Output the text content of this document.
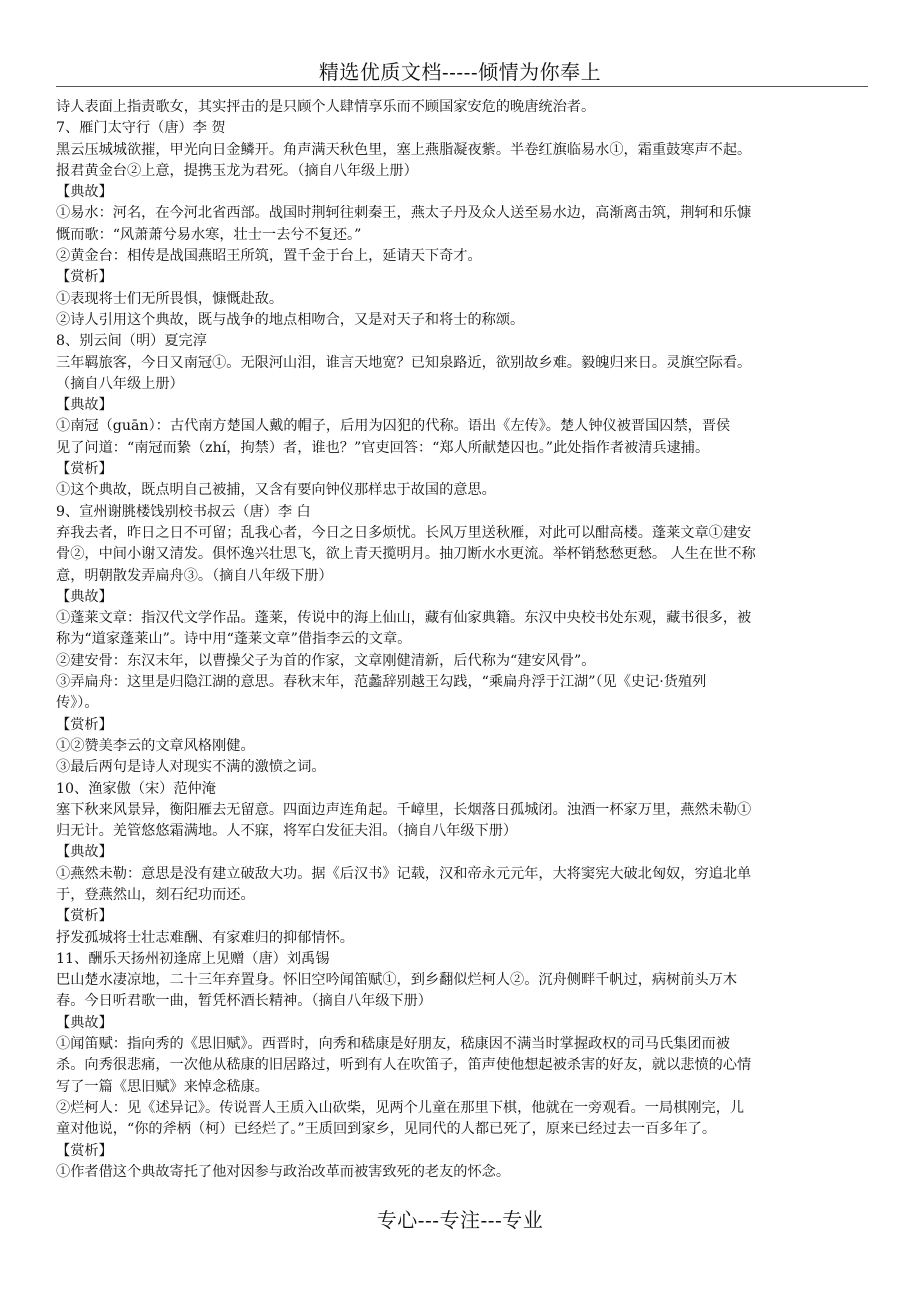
精选优质文档-----倾情为你奉上
诗人表面上指责歌女，其实抨击的是只顾个人肆情享乐而不顾国家安危的晚唐统治者。
7、雁门太守行（唐）李 贺
黑云压城城欲摧，甲光向日金鳞开。角声满天秋色里，塞上燕脂凝夜紫。半卷红旗临易水①，霜重鼓寒声不起。
报君黄金台②上意，提携玉龙为君死。（摘自八年级上册）
【典故】
①易水：河名，在今河北省西部。战国时荆轲往刺秦王，燕太子丹及众人送至易水边，高渐离击筑，荆轲和乐慷
慨而歌：“风萧萧兮易水寒，壮士一去兮不复还。”
②黄金台：相传是战国燕昭王所筑，置千金于台上，延请天下奇才。
【赏析】
①表现将士们无所畏惧，慷慨赴敌。
②诗人引用这个典故，既与战争的地点相吻合，又是对天子和将士的称颂。
8、别云间（明）夏完淳
三年羁旅客，今日又南冠①。无限河山泪，谁言天地宽？已知泉路近，欲别故乡难。毅魄归来日。灵旗空际看。
（摘自八年级上册）
【典故】
①南冠（guān）：古代南方楚国人戴的帽子，后用为囚犯的代称。语出《左传》。楚人钟仪被晋国囚禁，晋侯
见了问道：“南冠而絷（zhí，拘禁）者，谁也？”官吏回答：“郑人所献楚囚也。”此处指作者被清兵逮捕。
【赏析】
①这个典故，既点明自己被捕，又含有要向钟仪那样忠于故国的意思。
9、宣州谢朓楼饯别校书叔云（唐）李 白
弃我去者，昨日之日不可留；乱我心者，今日之日多烦忧。长风万里送秋雁，对此可以酣高楼。蓬莱文章①建安
骨②，中间小谢又清发。俱怀逸兴壮思飞，欲上青天揽明月。抽刀断水水更流。举杯销愁愁更愁。 人生在世不称
意，明朝散发弄扁舟③。（摘自八年级下册）
【典故】
①蓬莱文章：指汉代文学作品。蓬莱，传说中的海上仙山，藏有仙家典籍。东汉中央校书处东观，藏书很多，被
称为“道家蓬莱山”。诗中用“蓬莱文章”借指李云的文章。
②建安骨：东汉末年，以曹操父子为首的作家，文章刚健清新，后代称为“建安风骨”。
③弄扁舟：这里是归隐江湖的意思。春秋末年，范蠡辞别越王勾践，“乘扁舟浮于江湖”（见《史记·货殖列
传》）。
【赏析】
①②赞美李云的文章风格刚健。
③最后两句是诗人对现实不满的激愤之词。
10、渔家傲（宋）范仲淹
塞下秋来风景异，衡阳雁去无留意。四面边声连角起。千嶂里，长烟落日孤城闭。浊酒一杯家万里，燕然未勒①
归无计。羌管悠悠霜满地。人不寐，将军白发征夫泪。（摘自八年级下册）
【典故】
①燕然未勒：意思是没有建立破敌大功。据《后汉书》记载，汉和帝永元元年，大将窦宪大破北匈奴，穷追北单
于，登燕然山，刻石纪功而还。
【赏析】
抒发孤城将士壮志难酬、有家难归的抑郁情怀。
11、酬乐天扬州初逢席上见赠（唐）刘禹锡
巴山楚水凄凉地，二十三年弃置身。怀旧空吟闻笛赋①，到乡翻似烂柯人②。沉舟侧畔千帆过，病树前头万木
春。今日听君歌一曲，暂凭杯酒长精神。（摘自八年级下册）
【典故】
①闻笛赋：指向秀的《思旧赋》。西晋时，向秀和嵇康是好朋友，嵇康因不满当时掌握政权的司马氏集团而被
杀。向秀很悲痛，一次他从嵇康的旧居路过，听到有人在吹笛子，笛声使他想起被杀害的好友，就以悲愤的心情
写了一篇《思旧赋》来悼念嵇康。
②烂柯人：见《述异记》。传说晋人王质入山砍柴，见两个儿童在那里下棋，他就在一旁观看。一局棋刚完，儿
童对他说，“你的斧柄（柯）已经烂了。”王质回到家乡，见同代的人都已死了，原来已经过去一百多年了。
【赏析】
①作者借这个典故寄托了他对因参与政治改革而被害致死的老友的怀念。
专心---专注---专业
